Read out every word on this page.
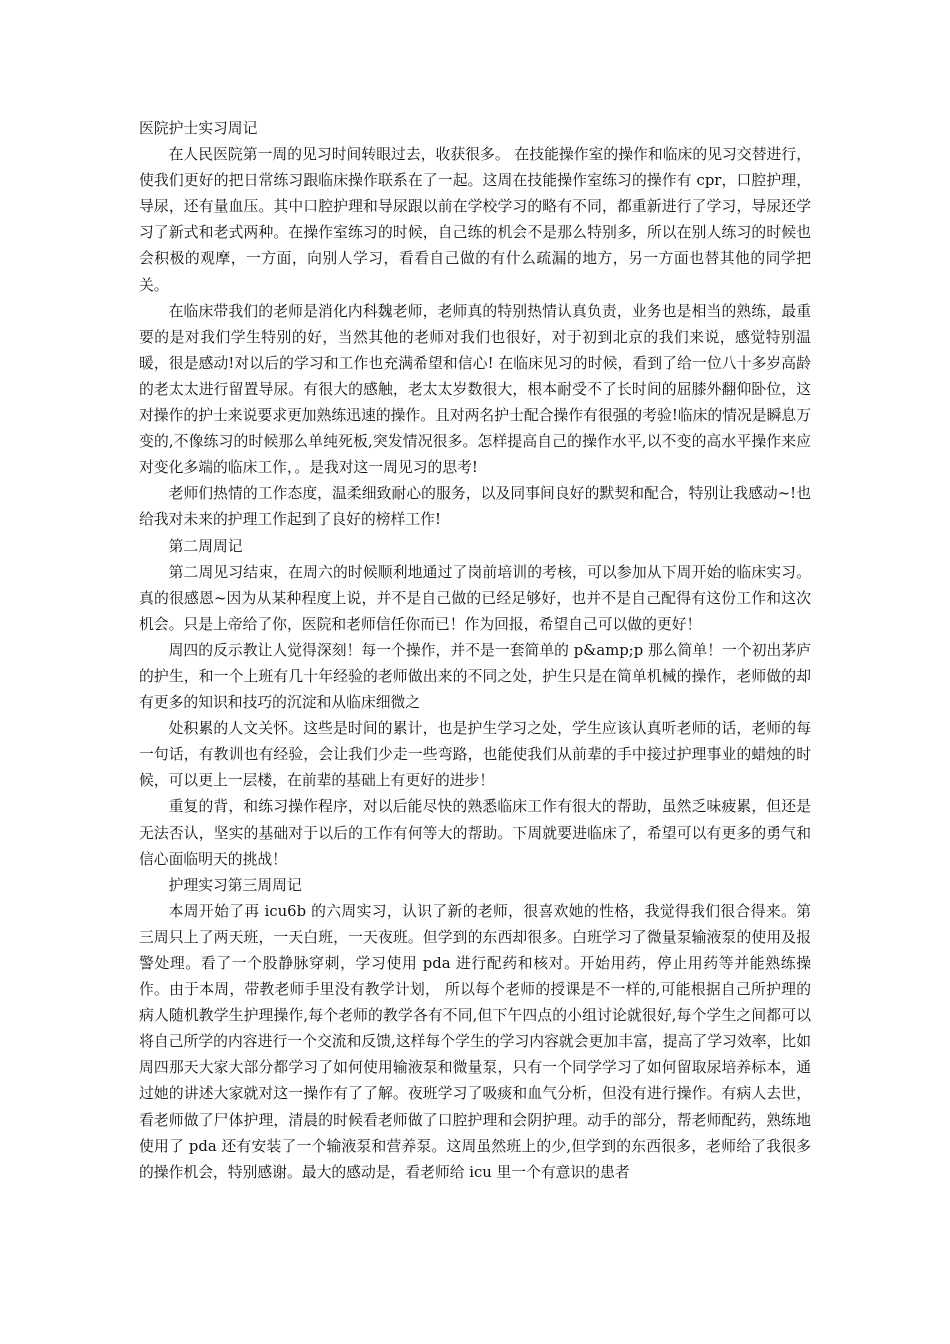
医院护士实习周记
在人民医院第一周的见习时间转眼过去，收获很多。 在技能操作室的操作和临床的见习交替进行，使我们更好的把日常练习跟临床操作联系在了一起。这周在技能操作室练习的操作有 cpr，口腔护理，导尿，还有量血压。其中口腔护理和导尿跟以前在学校学习的略有不同，都重新进行了学习，导尿还学习了新式和老式两种。在操作室练习的时候，自己练的机会不是那么特别多，所以在别人练习的时候也会积极的观摩，一方面，向别人学习，看看自己做的有什么疏漏的地方，另一方面也替其他的同学把关。
在临床带我们的老师是消化内科魏老师，老师真的特别热情认真负责，业务也是相当的熟练，最重要的是对我们学生特别的好，当然其他的老师对我们也很好，对于初到北京的我们来说，感觉特别温暖，很是感动!对以后的学习和工作也充满希望和信心! 在临床见习的时候，看到了给一位八十多岁高龄的老太太进行留置导尿。有很大的感触，老太太岁数很大，根本耐受不了长时间的屈膝外翻仰卧位，这对操作的护士来说要求更加熟练迅速的操作。且对两名护士配合操作有很强的考验!临床的情况是瞬息万变的,不像练习的时候那么单纯死板,突发情况很多。怎样提高自己的操作水平,以不变的高水平操作来应对变化多端的临床工作，。是我对这一周见习的思考!
老师们热情的工作态度，温柔细致耐心的服务，以及同事间良好的默契和配合，特别让我感动~!也给我对未来的护理工作起到了良好的榜样工作!
第二周周记
第二周见习结束，在周六的时候顺利地通过了岗前培训的考核，可以参加从下周开始的临床实习。真的很感恩~因为从某种程度上说，并不是自己做的已经足够好，也并不是自己配得有这份工作和这次机会。只是上帝给了你，医院和老师信任你而已！作为回报，希望自己可以做的更好！
周四的反示教让人觉得深刻！每一个操作，并不是一套简单的 p&amp;p 那么简单！一个初出茅庐的护生，和一个上班有几十年经验的老师做出来的不同之处，护生只是在简单机械的操作，老师做的却有更多的知识和技巧的沉淀和从临床细微之
处积累的人文关怀。这些是时间的累计，也是护生学习之处，学生应该认真听老师的话，老师的每一句话，有教训也有经验，会让我们少走一些弯路，也能使我们从前辈的手中接过护理事业的蜡烛的时候，可以更上一层楼，在前辈的基础上有更好的进步！
重复的背，和练习操作程序，对以后能尽快的熟悉临床工作有很大的帮助，虽然乏味疲累，但还是无法否认，坚实的基础对于以后的工作有何等大的帮助。下周就要进临床了，希望可以有更多的勇气和信心面临明天的挑战！
护理实习第三周周记
本周开始了再 icu6b 的六周实习，认识了新的老师，很喜欢她的性格，我觉得我们很合得来。第三周只上了两天班，一天白班，一天夜班。但学到的东西却很多。白班学习了微量泵输液泵的使用及报警处理。看了一个股静脉穿刺，学习使用 pda 进行配药和核对。开始用药，停止用药等并能熟练操作。由于本周，带教老师手里没有教学计划， 所以每个老师的授课是不一样的,可能根据自己所护理的病人随机教学生护理操作,每个老师的教学各有不同,但下午四点的小组讨论就很好,每个学生之间都可以将自己所学的内容进行一个交流和反馈,这样每个学生的学习内容就会更加丰富，提高了学习效率，比如周四那天大家大部分都学习了如何使用输液泵和微量泵，只有一个同学学习了如何留取尿培养标本，通过她的讲述大家就对这一操作有了了解。夜班学习了吸痰和血气分析，但没有进行操作。有病人去世，看老师做了尸体护理，清晨的时候看老师做了口腔护理和会阴护理。动手的部分，帮老师配药，熟练地使用了 pda 还有安装了一个输液泵和营养泵。这周虽然班上的少,但学到的东西很多，老师给了我很多的操作机会，特别感谢。最大的感动是，看老师给 icu 里一个有意识的患者
